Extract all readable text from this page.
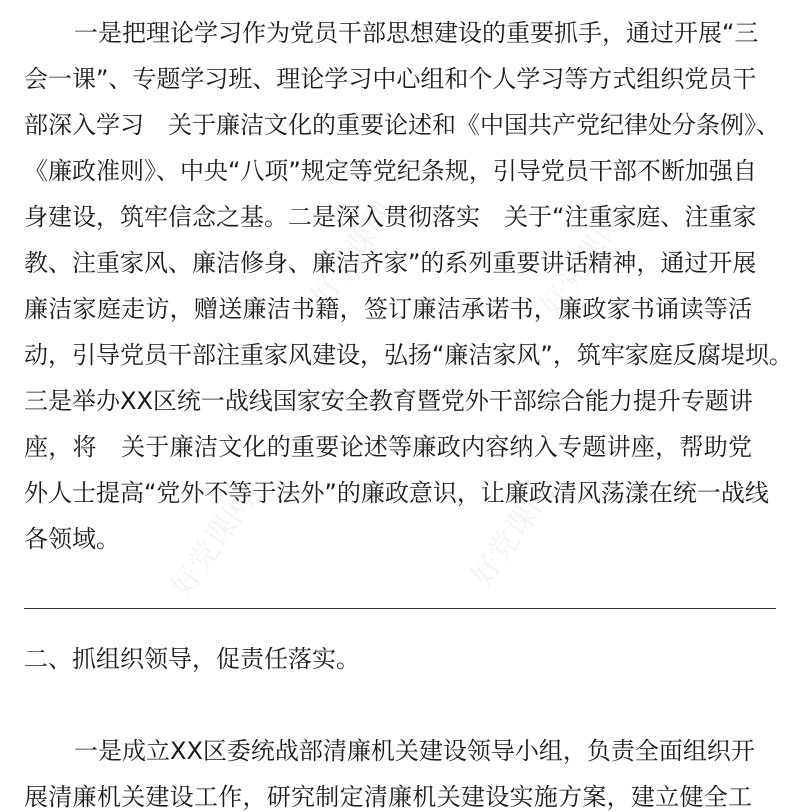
好党课网	好党课网
好党课网	好党课网
一是把理论学习作为党员干部思想建设的重要抓手，通过开展“三
会一课”、专题学习班、理论学习中心组和个人学习等方式组织党员干
部深入学习　关于廉洁文化的重要论述和《中国共产党纪律处分条例》、
《廉政准则》、中央“八项”规定等党纪条规，引导党员干部不断加强自
身建设，筑牢信念之基。二是深入贯彻落实　关于“注重家庭、注重家
教、注重家风、廉洁修身、廉洁齐家”的系列重要讲话精神，通过开展
廉洁家庭走访，赠送廉洁书籍，签订廉洁承诺书，廉政家书诵读等活
动，引导党员干部注重家风建设，弘扬“廉洁家风”，筑牢家庭反腐堤坝。
三是举办XX区统一战线国家安全教育暨党外干部综合能力提升专题讲
座，将　关于廉洁文化的重要论述等廉政内容纳入专题讲座，帮助党
外人士提高“党外不等于法外”的廉政意识，让廉政清风荡漾在统一战线
各领域。
二、抓组织领导，促责任落实。
一是成立XX区委统战部清廉机关建设领导小组，负责全面组织开
展清廉机关建设工作，研究制定清廉机关建设实施方案，建立健全工
